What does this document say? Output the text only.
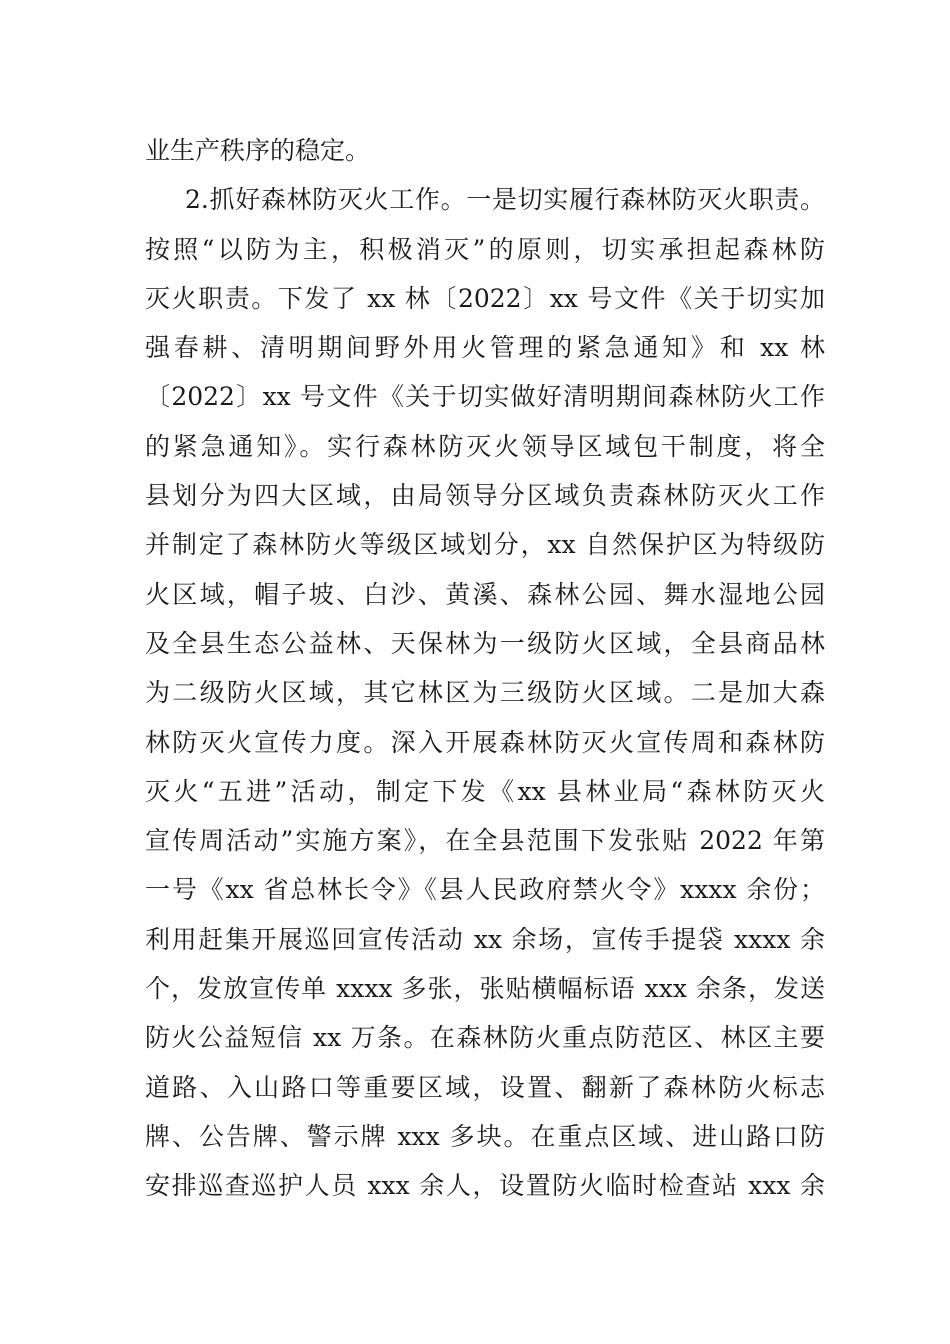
业生产秩序的稳定。
2.抓好森林防灭火工作。一是切实履行森林防灭火职责。
按照“以防为主，积极消灭”的原则，切实承担起森林防
灭火职责。下发了 xx 林〔2022〕xx 号文件《关于切实加
强春耕、清明期间野外用火管理的紧急通知》和 xx 林
〔2022〕xx 号文件《关于切实做好清明期间森林防火工作
的紧急通知》。实行森林防灭火领导区域包干制度，将全
县划分为四大区域，由局领导分区域负责森林防灭火工作
并制定了森林防火等级区域划分，xx 自然保护区为特级防
火区域，帽子坡、白沙、黄溪、森林公园、舞水湿地公园
及全县生态公益林、天保林为一级防火区域，全县商品林
为二级防火区域，其它林区为三级防火区域。二是加大森
林防灭火宣传力度。深入开展森林防灭火宣传周和森林防
灭火“五进”活动，制定下发《xx 县林业局“森林防灭火
宣传周活动”实施方案》，在全县范围下发张贴 2022 年第
一号《xx 省总林长令》《县人民政府禁火令》xxxx 余份；
利用赶集开展巡回宣传活动 xx 余场，宣传手提袋 xxxx 余
个，发放宣传单 xxxx 多张，张贴横幅标语 xxx 余条，发送
防火公益短信 xx 万条。在森林防火重点防范区、林区主要
道路、入山路口等重要区域，设置、翻新了森林防火标志
牌、公告牌、警示牌 xxx 多块。在重点区域、进山路口防
安排巡查巡护人员 xxx 余人，设置防火临时检查站 xxx 余
